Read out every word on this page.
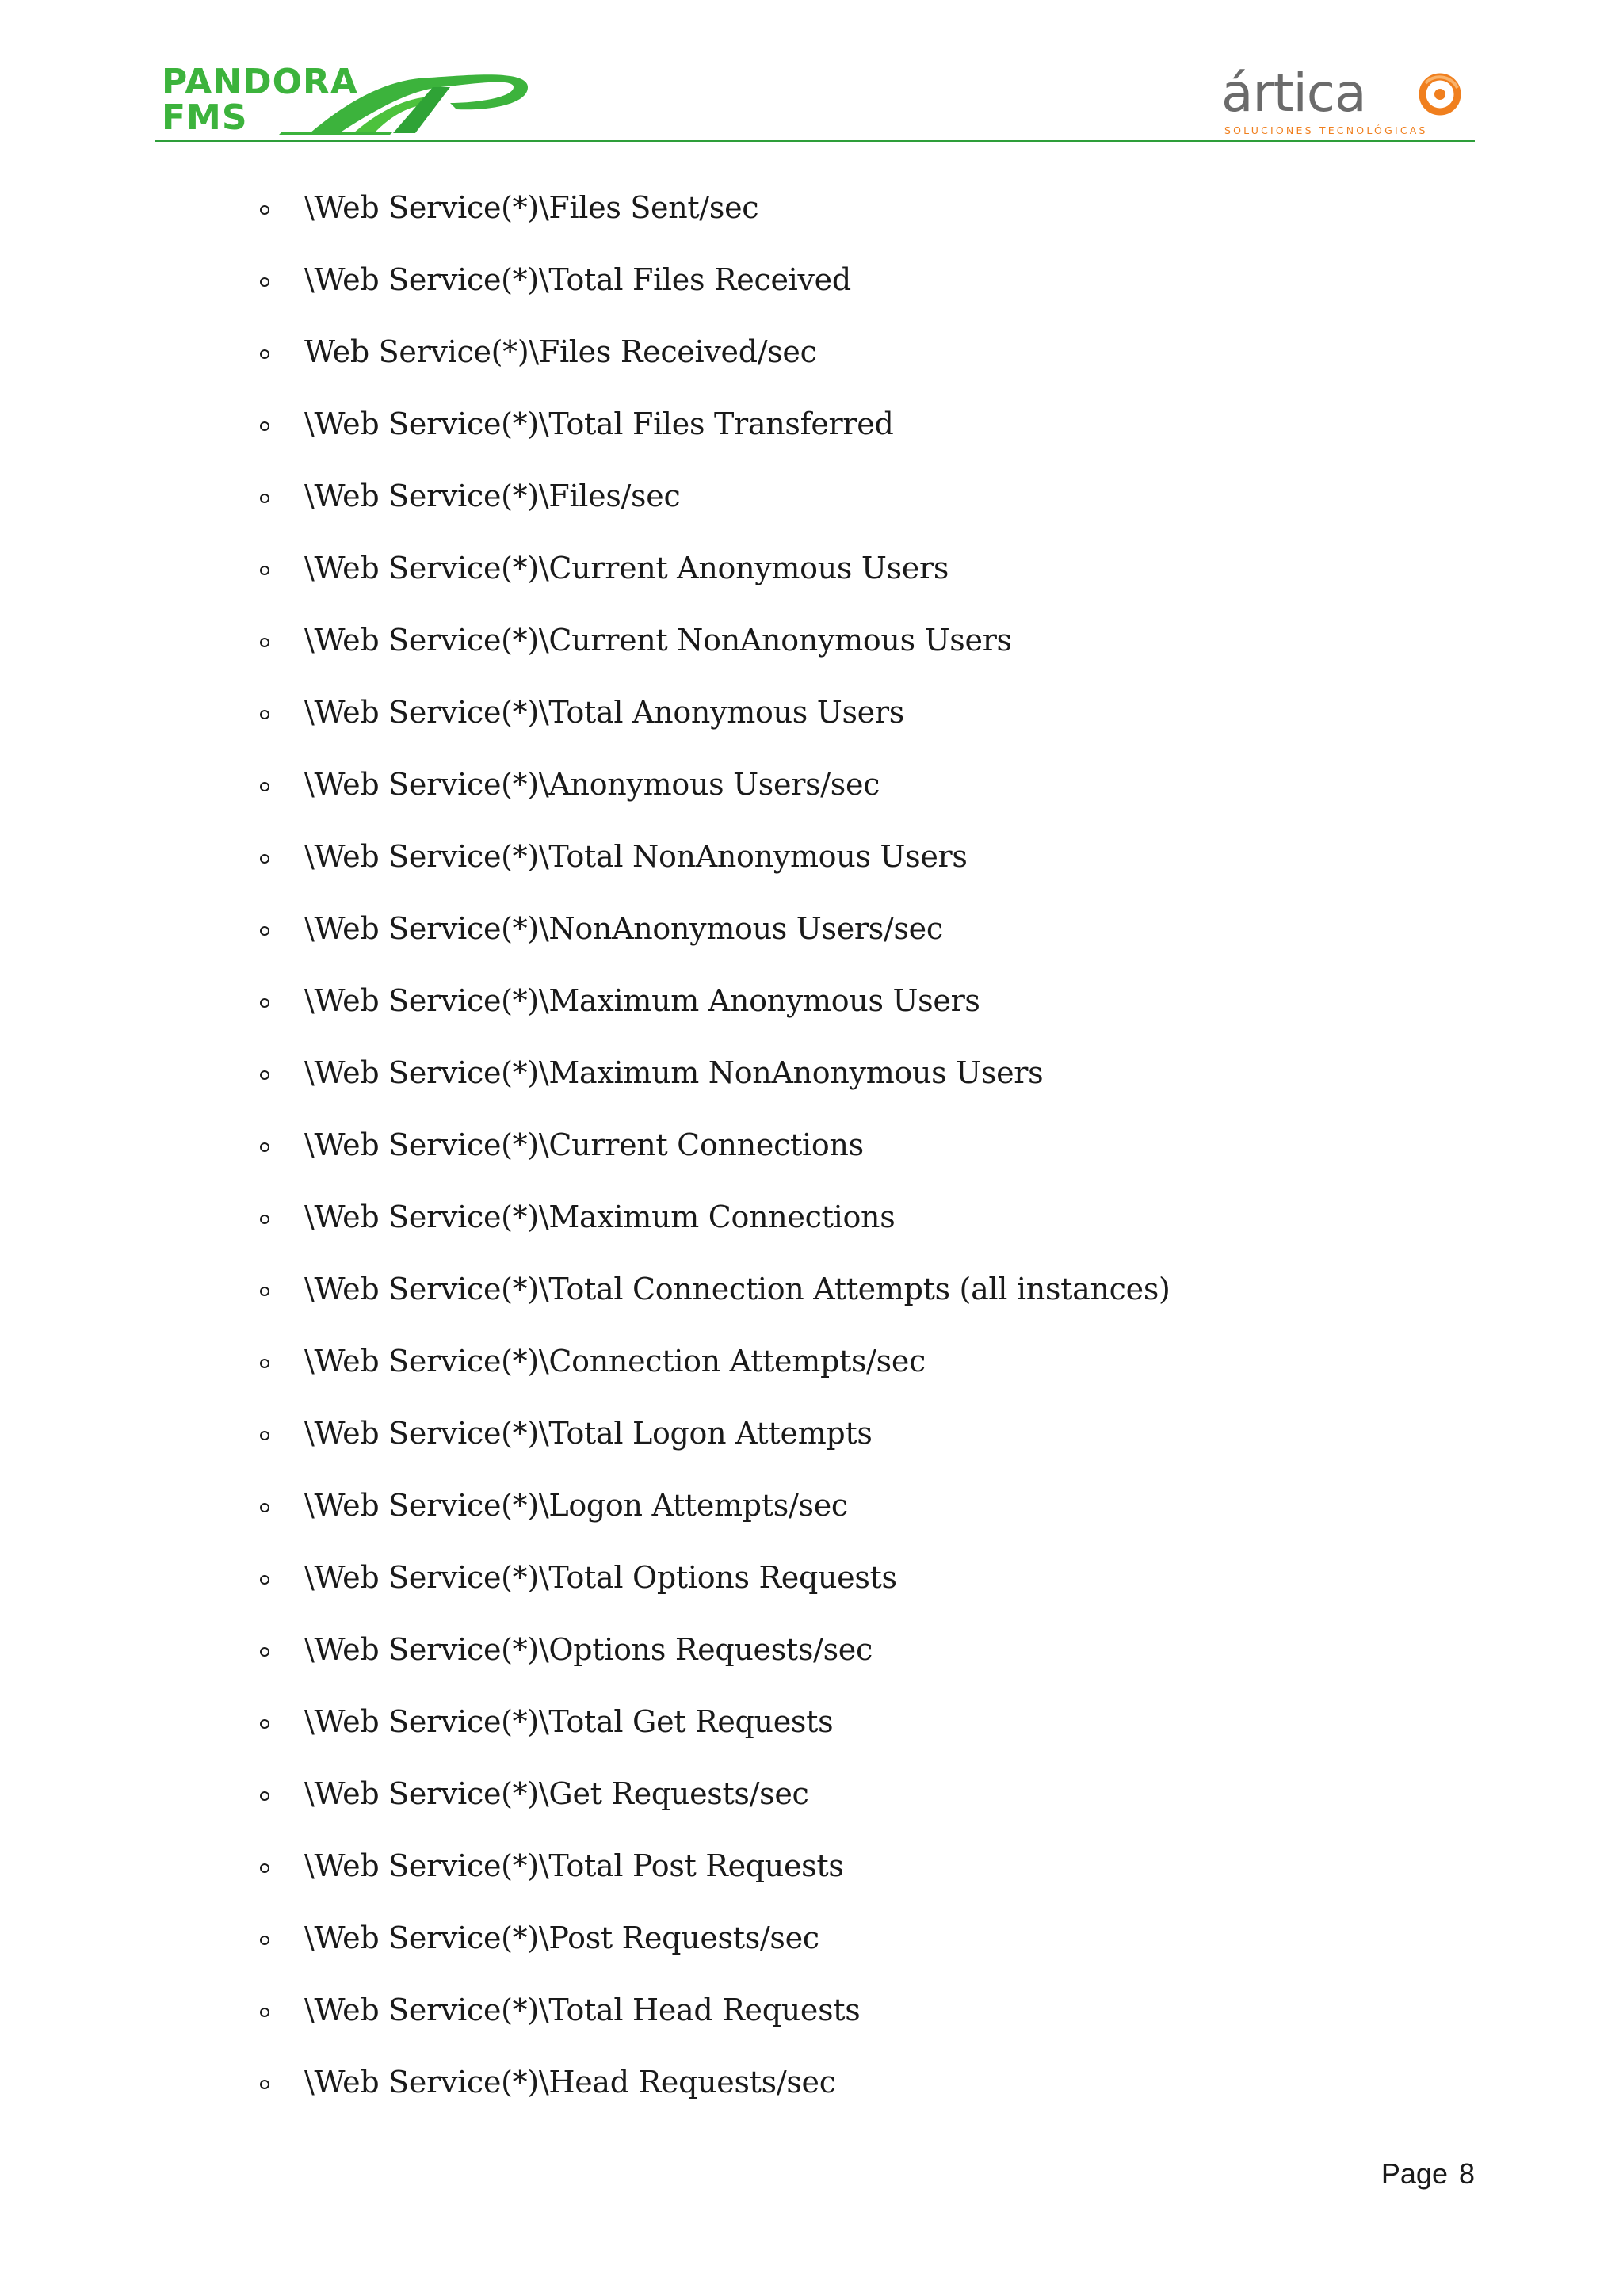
PANDORA
FMS	ártica
SOLUCIONES TECNOLÓGICAS
\Web Service(*)\Files Sent/sec
\Web Service(*)\Total Files Received
Web Service(*)\Files Received/sec
\Web Service(*)\Total Files Transferred
\Web Service(*)\Files/sec
\Web Service(*)\Current Anonymous Users
\Web Service(*)\Current NonAnonymous Users
\Web Service(*)\Total Anonymous Users
\Web Service(*)\Anonymous Users/sec
\Web Service(*)\Total NonAnonymous Users
\Web Service(*)\NonAnonymous Users/sec
\Web Service(*)\Maximum Anonymous Users
\Web Service(*)\Maximum NonAnonymous Users
\Web Service(*)\Current Connections
\Web Service(*)\Maximum Connections
\Web Service(*)\Total Connection Attempts (all instances)
\Web Service(*)\Connection Attempts/sec
\Web Service(*)\Total Logon Attempts
\Web Service(*)\Logon Attempts/sec
\Web Service(*)\Total Options Requests
\Web Service(*)\Options Requests/sec
\Web Service(*)\Total Get Requests
\Web Service(*)\Get Requests/sec
\Web Service(*)\Total Post Requests
\Web Service(*)\Post Requests/sec
\Web Service(*)\Total Head Requests
\Web Service(*)\Head Requests/sec
Page 8
